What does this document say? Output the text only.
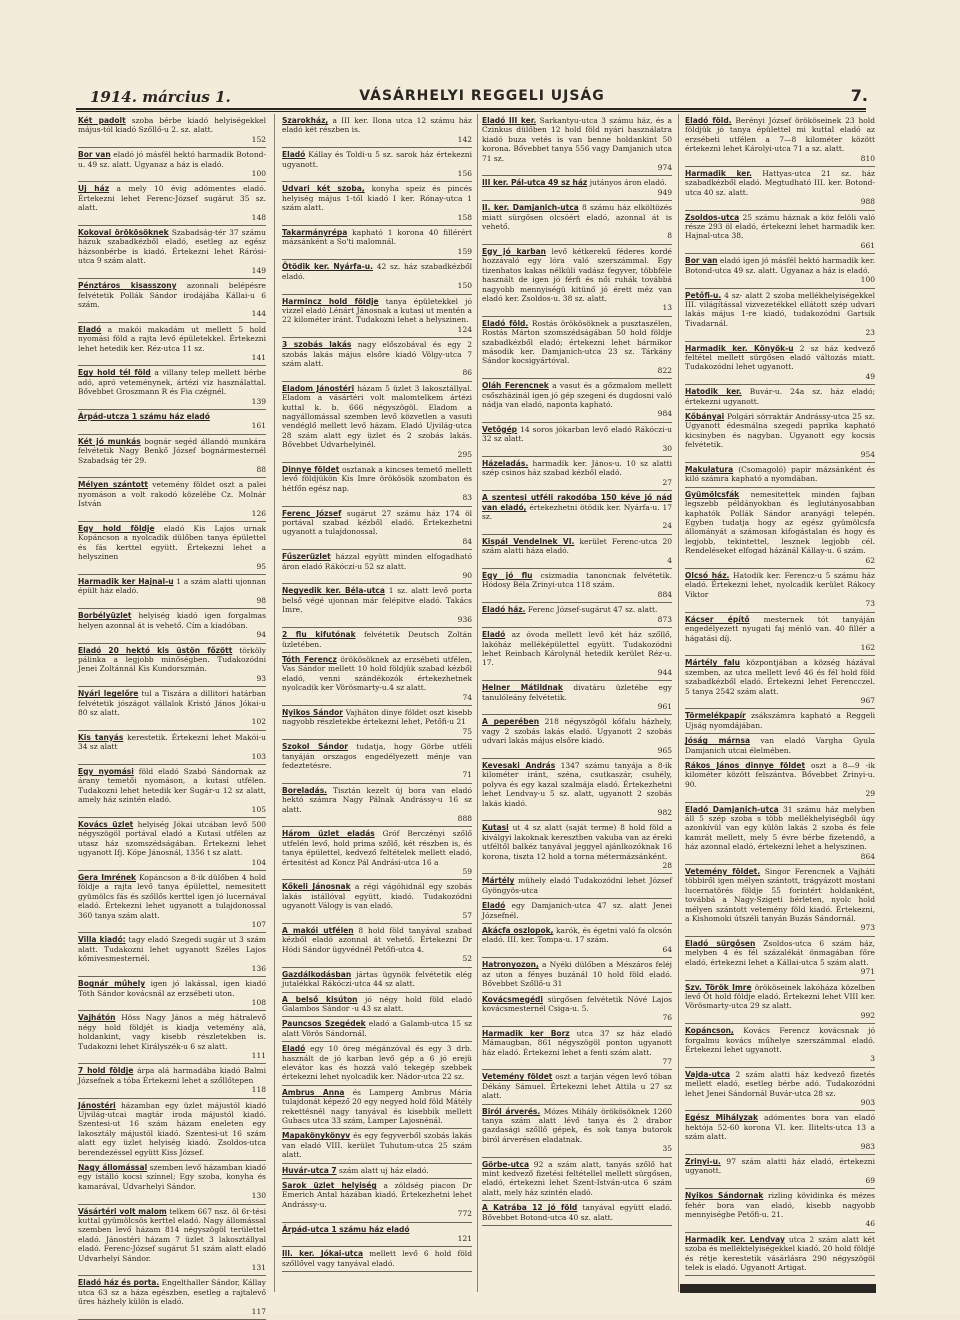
1914. március 1.	VÁSÁRHELYI REGGELI UJSÁG	7.
Két padolt szoba bérbe kiadó helyiségekkel május-tól kiadó Szőllő-u 2. sz. alatt.
152
Bor van eladó jó másfél hektó harmadik Botond-u. 49 sz. alatt. Ugyanaz a ház is eladó.
100
Uj ház a mely 10 évig adómentes eladó. Értekezni lehet Ferenc-József sugárut 35 sz. alatt.
148
Kokovai örökösöknek Szabadság-tér 37 számu házuk szabadkézből eladó, esetleg az egész házsonbérbe is kiadó. Értekezni lehet Rárósi-utca 9 szám alatt.
149
Pénztáros kisasszony azonnali belépésre felvétetik Pollák Sándor irodájába Kállai-u 6 szám.
144
Eladó a makói makadám ut mellett 5 hold nyomási föld a rajta levő épületekkel. Értekezni lehet hetedik ker. Réz-utca 11 sz.
141
Egy hold tél föld a villany telep mellett bérbe adó, apró veteménynek, ártézi viz használattal. Bővebbet Groszmann R és Fia czégnél.
139
Árpád-utcza 1 számu ház eladó
161
Két jó munkás bognár segéd állandó munkára felvétetik Nagy Benkő József bognármesternél Szabadság tér 29.
88
Mélyen szántott vetemény földet oszt a palei nyomáson a volt rakodó közelébe Cz. Molnár István
126
Egy hold földje eladó Kis Lajos urnak Kopáncson a nyolcadik dülőben tanya épülettel és fás kerttel együtt. Értekezni lehet a helyszinen
95
Harmadik ker Hajnal-u 1 a szám alatti ujonnan épült ház eladó.
98
Borbélyüzlet helyiség kiadó igen forgalmas helyen azonnal át is vehető. Cím a kiadóban.
94
Eladó 20 hektó kis üstön főzött törköly pálinka a legjobb minőségben. Tudakozódni Jenei Zoltánnál Kis Kundorszmán.
93
Nyári legelőre tul a Tiszára a dillitori határban felvétetik jószágot vállalok Kristó János Jókai-u 80 sz alatt.
102
Kis tanyás kerestetik. Értekezni lehet Makói-u 34 sz alatt
103
Egy nyomási föld eladó Szabó Sándornak az árany temetői nyomáson, a kutasi utfélen. Tudakozni lehet hetedik ker Sugár-u 12 sz alatt, amely ház szintén eladó.
105
Kovács üzlet helyiség Jókai utcában levő 500 négyszögöl portával eladó a Kutasi utfélen az utasz ház szomszédságában. Értekezni lehet ugyanott Ifj. Kópe Jánosnál, 1356 t sz alatt.
104
Gera Imrének Kopáncson a 8-ik dülőben 4 hold földje a rajta levő tanya épülettel, nemesitett gyümölcs fás és szőllős kerttel igen jó lucernával eladó. Értekezni lehet ugyanott a tulajdonossal 360 tanya szám alatt.
107
Villa kiadó: tagy eladó Szegedi sugár ut 3 szám alatt. Tudakozni lehet ugyanott Széles Lajos kőmivesmesternél.
136
Bognár műhely igen jó lakással, igen kiadó Tóth Sándor kovácsnál az erzsébeti uton.
108
Vajhátón Höss Nagy János a még hátralevő négy hold földjét is kiadja vetemény alá, holdankint, vagy kisebb részletekben is. Tudakozni lehet Királyszék-u 6 sz alatt.
111
7 hold földje árpa alá harmadába kiadó Balmi Józsefnek a tóba Értekezni lehet a szőllőtepen
118
Jánostéri házamban egy üzlet májustól kiadó Ujvilág-utcai magtár iroda májustól kiadó. Szentesi-ut 16 szám házam eneleten egy lakosztály májustól kiadó. Szentesi-ut 16 szám alatt egy üzlet helyiség kiadó. Zsoldos-utca berendezéssel együtt Kiss József.
Nagy állomással szemben levő házamban kiadó egy istálló kocsi színnel; Egy szoba, konyha és kamarával, Udvarhelyi Sándor.
130
Vásártéri volt malom telkem 667 nsz. öl 6r-tési kuttal gyümölcsös kerttel eladó. Nagy állomással szemben levő házam 814 négyszögöl területtel eladó. Jánostéri házam 7 üzlet 3 lakosztállyal eladó. Ferenc-József sugárut 51 szám alatt eladó Udvarhelyi Sándor.
131
Eladó ház és porta. Engelthaller Sándor, Kállay utca 63 sz a háza egészben, esetleg a rajtalevő űres házhely külön is eladó.
117
Szarokház, a III ker. Ilona utca 12 számu ház eladó két részben is.
142
Eladó Kállay és Toldi-u 5 sz. sarok ház értekezni ugyanott.
156
Udvari két szoba, konyha speiz és pincés helyiség május 1-től kiadó I ker. Rónay-utca 1 szám alatt.
158
Takarmányrépa kapható 1 korona 40 fillérért mázsánként a So'ti malomnál.
159
Ötödik ker. Nyárfa-u. 42 sz. ház szabadkézből eladó.
150
Harmincz hold földje tanya épületekkel jó vizzel eladó Lénárt Jánosnak a kutasi ut mentén a 22 kilométer iránt. Tudakozni lehet a helyszinen.
124
3 szobás lakás nagy előszobával és egy 2 szobás lakás május elsőre kiadó Völgy-utca 7 szám alatt.
86
Eladom Jánostéri házam 5 üzlet 3 lakosztállyal. Eladom a vásártéri volt malomtelkem ártézi kuttal k. b. 666 négyszögöl. Eladom a nagyállomással szemben levő közvetlen a vasuti vendéglő mellett levő házam. Eladó Ujvilág-utca 28 szám alatt egy üzlet és 2 szobás lakás. Bővebbet Udvarhelyinél.
295
Dinnye földet osztanak a kincses temető mellett levő földjükön Kis Imre örökösök szombaton és hétfőn egész nap.
83
Ferenc József sugárut 27 számu ház 174 öl portával szabad kézből eladó. Értekezhetni ugyanott a tulajdonossal.
84
Fűszerüzlet házzal együtt minden elfogadható áron eladó Rákóczi-u 52 sz alatt.
90
Negyedik ker. Béla-utca 1 sz. alatt levő porta belső végé ujonnan már felépitve eladó. Takács Imre.
936
2 flu kifutónak felvétetik Deutsch Zoltán üzletében.
Tóth Ferencz örökösöknek az erzsébeti utfélen, Vas Sándor mellett 10 hold földjük szabad kézből eladó, venni szándékozók értekezhetnek nyolcadik ker Vörösmarty-u.4 sz alatt.
74
Nyikos Sándor Vajháton dinye földet oszt kisebb nagyobb részletekbe értekezni lehet, Petőfi-u 21
75
Szokol Sándor tudatja, hogy Görbe utféli tanyáján orszagos engedélyezett ménje van fedeztetésre.
71
Boreladás. Tisztán kezelt új bora van eladó hektó számra Nagy Pálnak Andrássy-u 16 sz alatt.
888
Három üzlet eladás Gróf Berczényi szőlő utfelén levő, hold prima szőlő, két részben is, és tanya épülettel, kedvező feltételek mellett eladó, értesitést ad Koncz Pál Andrási-utca 16 a
59
Kőkeli Jánosnak a régi vágóhidnál egy szobás lakás istállóval együtt, kiadó. Tudakozódni ugyanott Válogy is van eladó.
57
A makói utfélen 8 hold föld tanyával szabad kézből eladó azonnal át vehető. Értekezni Dr Hódi Sándor ügyvédnél Petőfi-utca 4.
52
Gazdálkodásban jártas ügynök felvétetik elég jutalékkal Rákóczi-utca 44 sz alatt.
A belső kisúton jó négy hold föld eladó Galambos Sándor -u 43 sz alatt.
Pauncsos Szegédek eladó a Galamb-utca 15 sz alatt Vörös Sándornál.
Eladó egy 10 öreg mégánzóval és egy 3 drb. használt de jó karban levő gép a 6 jó erejü elevátor kas és hozzá való tekegép szebbek értekezni lehet nyolcadik ker. Nádor-utca 22 sz.
Ambrus Anna és Lamperg Ambrus Mária tulajdonát képező 20 egy negyed hold föld Mátély rekettésnél nagy tanyával és kisebbik mellett Gubacs utca 33 szám, Lamper Lajosnénál.
Mapakönykönyv és egy fegyverből szobás lakás van eladó VIII. kerület Tuhutum-utca 25 szám alatt.
Huvár-utca 7 szám alatt uj ház eladó.
Sarok üzlet helyiség a zöldség piacon Dr Emerich Antal házában kiadó. Értekezhetni lehet Andrássy-u.
772
Árpád-utca 1 számu ház eladó
121
Ill. ker. Jókai-utca mellett levő 6 hold föld szőllővel vagy tanyával eladó.
Eladó III ker. Sarkantyu-utca 3 számu ház, és a Czinkus dülőben 12 hold föld nyári használatra kiadó buza vetés is van benne holdankint 50 korona. Bővebbet tanya 556 vagy Damjanich utca 71 sz.
974
III ker. Pál-utca 49 sz ház jutányos áron eladó.
949
II. ker. Damjanich-utca 8 számu ház elköltözés miatt sürgősen olcsóért eladó, azonnal át is vehető.
8
Egy jó karban levő kétkerekű féderes kordé hozzávaló egy lóra való szerszámmal. Egy tizenhatos kakas nélküli vadász fegyver, többféle használt de igen jó férfi és női ruhák továbbá nagyobb mennyiségü kitünő jó érett méz van eladó ker. Zsoldos-u. 38 sz. alatt.
13
Eladó föld. Rostás örökösöknek a pusztaszélen, Rostás Márton szomszédságában 50 hold földje szabadkézből eladó; értekezni lehet bármikor második ker. Damjanich-utca 23 sz. Tárkány Sándor kocsigyártóval.
822
Oláh Ferencnek a vasut és a gőzmalom mellett csőszházinál igen jó gép szegeni és dugdosni való nádja van eladó, naponta kapható.
984
Vetőgép 14 soros jókarban levő eladó Rákóczi-u 32 sz alatt.
30
Házeladás. harmadik ker. János-u. 10 sz alatti szép csinos ház szabad kézből eladó.
27
A szentesi utféli rakodóba 150 kéve jó nád van eladó, értekezhetni ötödik ker. Nyárfa-u. 17 sz.
24
Kispál Vendelnek VI. kerület Ferenc-utca 20 szám alatti háza eladó.
4
Egy jó flu csizmadia tanoncnak felvétetik. Hódosy Béla Zrinyi-utca 118 szám.
884
Eladó ház. Ferenc József-sugárut 47 sz. alatt.
873
Eladó az óvoda mellett levő két ház szőllő, lakóház melléképülettel együtt. Tudakozódni lehet Reinbach Károlynál hetedik kerület Réz-u. 17.
944
Helner Mátildnak divatáru üzletébe egy tanulóleány felvétetik.
961
A peperében 218 négyszögöl kőfalu házhely, vagy 2 szobás lakás eladó. Ugyanott 2 szobás udvari lakás május elsőre kiadó.
965
Kevesaki András 1347 számu tanyája a 8-ik kilométer iránt, széna, csutkaszár, csuhély, polyva és egy kazal szalmája eladó. Értekezhetni lehet Lendvay-u 5 sz. alatt, ugyanott 2 szobás lakás kiadó.
982
Kutasi ut 4 sz alatt (saját terme) 8 hold föld a kiválgyi lakoknak keresztben vakuba van az éreki utféltől balkéz tanyával jeggyel ajánlkozóknak 16 korona, tiszta 12 hold a torna métermázsánként.
28
Mártély mühely eladó Tudakozódni lehet József Gyöngyös-utca
Eladó egy Damjanich-utca 47 sz. alatt Jenei Józsefnél.
Akácfa oszlopok, karók, és égetni való fa olcsón eladó. III. ker. Tompa-u. 17 szám.
64
Hatronyozon, a Nyéki dülőben a Mészáros feléj az uton a fényes buzánál 10 hold föld eladó. Bővebbet Szőllő-u 31
Kovácsmegédi sürgősen felvétetik Nóvé Lajos kovácsmesternél Csiga-u. 5.
76
Harmadik ker Borz utca 37 sz ház eladó Mámaugban, 861 négyszögöl ponton ugyanott ház eladó. Értekezni lehet a fenti szám alatt.
77
Vetemény földet oszt a tarján végen levő tóban Dékány Sámuel. Értekezni lehet Attila u 27 sz alatt.
Biról árverés. Mózes Mihály örökösöknek 1260 tanya szám alatt lévő tanya és 2 drabor gazdasági szőllő gépek, és sok tanya butorok biról árverésen eladatnak.
35
Görbe-utca 92 a szám alatt, tanyás szőlő hat mint kedvező fizetési feltétellel mellett sürgősen, eladó, értekezni lehet Szent-István-utca 6 szám alatt, mely ház szintén eladó.
A Katrába 12 jó föld tanyával együtt eladó. Bővebbet Botond-utca 40 sz. alatt.
Eladó föld. Berényi József örököseinek 23 hold földjük jó tanya épülettel mi kuttal eladó az erzsébeti utfélen a 7—8 kilométer között értekezni lehet Károlyi-utca 71 a sz. alatt.
810
Harmadik ker. Hattyas-utca 21 sz. ház szabadkézből eladó. Megtudható III. ker. Botond-utca 40 sz. alatt.
988
Zsoldos-utca 25 számu háznak a köz felöli való része 293 öl eladó, értekezni lehet harmadik ker. Hajnal-utca 38.
661
Bor van eladó igen jó másfél hektó harmadik ker. Botond-utca 49 sz. alatt. Ugyanaz a ház is eladó.
100
Petőfi-u. 4 sz- alatt 2 szoba mellékhelyiségekkel III. világítással vizvezetékkel ellátott szép udvari lakás május 1-re kiadó, tudakozódni Gartsik Tivadarnál.
23
Harmadik ker. Könyök-u 2 sz ház kedvező feltétel mellett sürgősen eladó változás miatt. Tudakozódni lehet ugyanott.
49
Hatodik ker. Buvár-u. 24a sz. ház eladó; értekezni ugyanott.
Kőbányai Polgári sörraktár Andrássy-utca 25 sz. Ugyanott édesmálna szegedi paprika kapható kicsinyben és nagyban. Ugyanott egy kocsis felvétetik.
954
Makulatura (Csomagoló) papir mázsánként és kiló számra kapható a nyomdában.
Gyümölcsfák nemesitettek minden fajban legszebb példányokban és leglutányosabban kaphatók Pollák Sándor aranyági telepén. Egyben tudatja hogy az egész gyümölcsfa állományát a számosan kifogástalan és hogy és legjobb, tekintettel, lesznek legjobb cél. Rendeléseket elfogad házánál Kállay-u. 6 szám.
62
Olcsó ház. Hatodik ker. Ferencz-u 5 számu ház eladó. Értekezni lehet, nyolcadik kerület Rákocy Viktor
73
Kácser építő mesternek tót tanyáján engedélyezett nyugati faj ménló van. 40 fillér a hágatási díj.
162
Mártély falu központjában a község házával szemben, az utca mellett levő 46 és fél hold föld szabadkézből eladó. Értekezni lehet Ferencczel. 5 tanya 2542 szám alatt.
967
Törmelékpapír zsákszámra kapható a Reggeli Ujság nyomdájában.
Jóság márnsa van eladó Vargha Gyula Damjanich utcai élelmében.
Rákos János dinnye földet oszt a 8—9 -ik kilométer között felszántva. Bővebbet Zrinyi-u. 90.
29
Eladó Damjanich-utca 31 számu ház melyben áll 5 szép szoba s több mellékhelyiségből úgy azonkívül van egy külön lakás 2 szoba és fele kamrát mellett, mely 5 évre bérbe fizetendő, a ház azonnal eladó, értekezni lehet a helyszinen.
864
Vetemény földet. Singor Ferencnek a Vajháti többiről igen mélyen szántott, trágyázott mostani lucernatörés földje 55 forintért holdanként, továbbá a Nagy-Szigeti bérleten, nyolc hold mélyen szántott vetemény föld kiadó. Értekezni, a Kishomoki útszéli tanyán Buzás Sándornál.
973
Eladó sürgősen Zsoldos-utca 6 szám ház, melyben 4 és fél százalékát önmagában főre eladó, értekezni lehet a Kállai-utca 5 szám alatt.
971
Szv. Török Imre örököseinek lakóháza közelben levő Öt hold földje eladó. Értekezni lehet VIII ker. Vörösmarty-utca 29 sz alatt.
992
Kopáncson, Kovács Ferencz kovácsnak jó forgalmu kovács műhelye szerszámmal eladó. Értekezni lehet ugyanott.
3
Vajda-utca 2 szám alatti ház kedvező fizetés mellett eladó, esetleg bérbe adó. Tudakozódni lehet Jenei Sándornál Buvár-utca 28 sz.
903
Egész Mihályzak adómentes bora van eladó hektója 52-60 korona VI. ker. Ilitelts-utca 13 a szám alatt.
983
Zrinyi-u. 97 szám alatti ház eladó, értekezni ugyanott.
69
Nyikos Sándornak rizling kövidinka és mézes fehér bora van eladó, kisebb nagyobb mennyiségbe Petőfi-u. 21.
46
Harmadik ker. Lendvay utca 2 szám alatt két szoba és melléktelyiségekkel kiadó. 20 hold földjé és rétje kerestetik vásárlásra 290 négyszögöl telek is eladó. Ugyanott Artigat.
